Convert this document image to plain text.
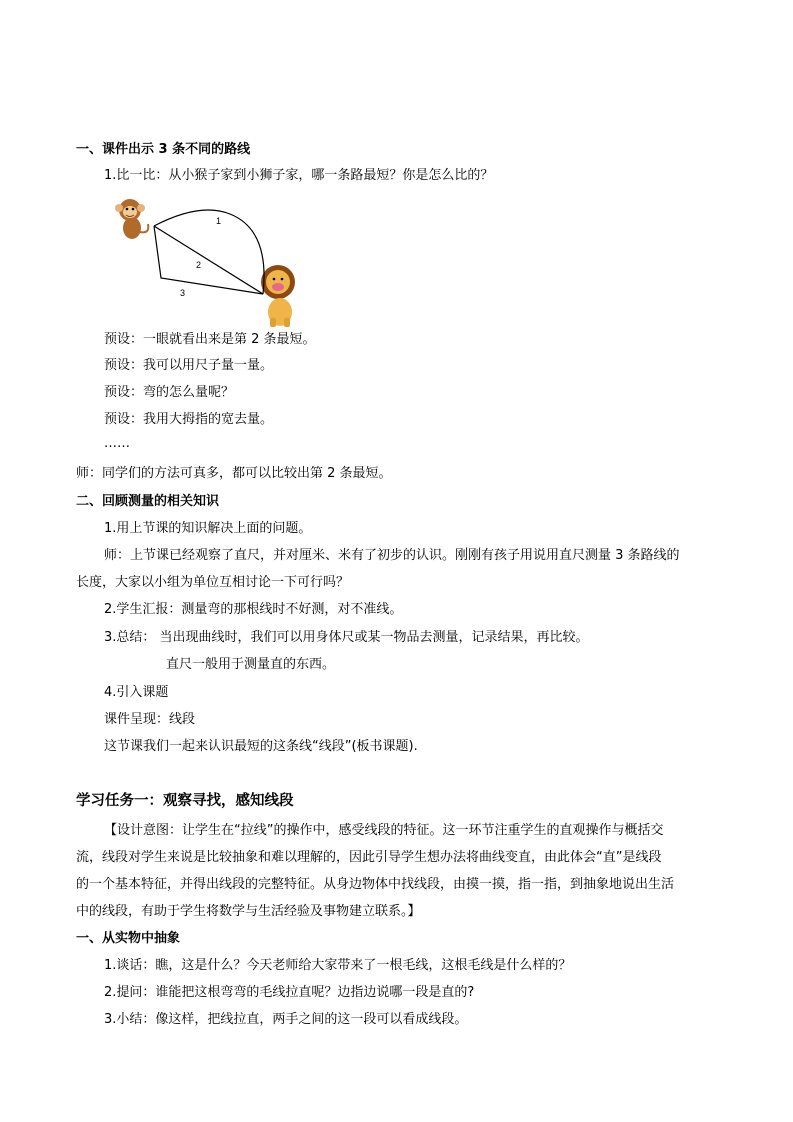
一、课件出示 3 条不同的路线
1.比一比：从小猴子家到小狮子家，哪一条路最短？你是怎么比的？
1
2
3
预设：一眼就看出来是第 2 条最短。
预设：我可以用尺子量一量。
预设：弯的怎么量呢？
预设：我用大拇指的宽去量。
……
师：同学们的方法可真多，都可以比较出第 2 条最短。
二、回顾测量的相关知识
1.用上节课的知识解决上面的问题。
师：上节课已经观察了直尺，并对厘米、米有了初步的认识。刚刚有孩子用说用直尺测量 3 条路线的
长度，大家以小组为单位互相讨论一下可行吗？
2.学生汇报：测量弯的那根线时不好测，对不准线。
3.总结： 当出现曲线时，我们可以用身体尺或某一物品去测量，记录结果，再比较。
直尺一般用于测量直的东西。
4.引入课题
课件呈现：线段
这节课我们一起来认识最短的这条线“线段”(板书课题).
学习任务一：观察寻找，感知线段
【设计意图：让学生在“拉线”的操作中，感受线段的特征。这一环节注重学生的直观操作与概括交
流，线段对学生来说是比较抽象和难以理解的，因此引导学生想办法将曲线变直，由此体会“直”是线段
的一个基本特征，并得出线段的完整特征。从身边物体中找线段，由摸一摸，指一指，到抽象地说出生活
中的线段，有助于学生将数学与生活经验及事物建立联系。】
一、从实物中抽象
1.谈话：瞧，这是什么？今天老师给大家带来了一根毛线，这根毛线是什么样的？
2.提问：谁能把这根弯弯的毛线拉直呢？边指边说哪一段是直的?
3.小结：像这样，把线拉直，两手之间的这一段可以看成线段。
